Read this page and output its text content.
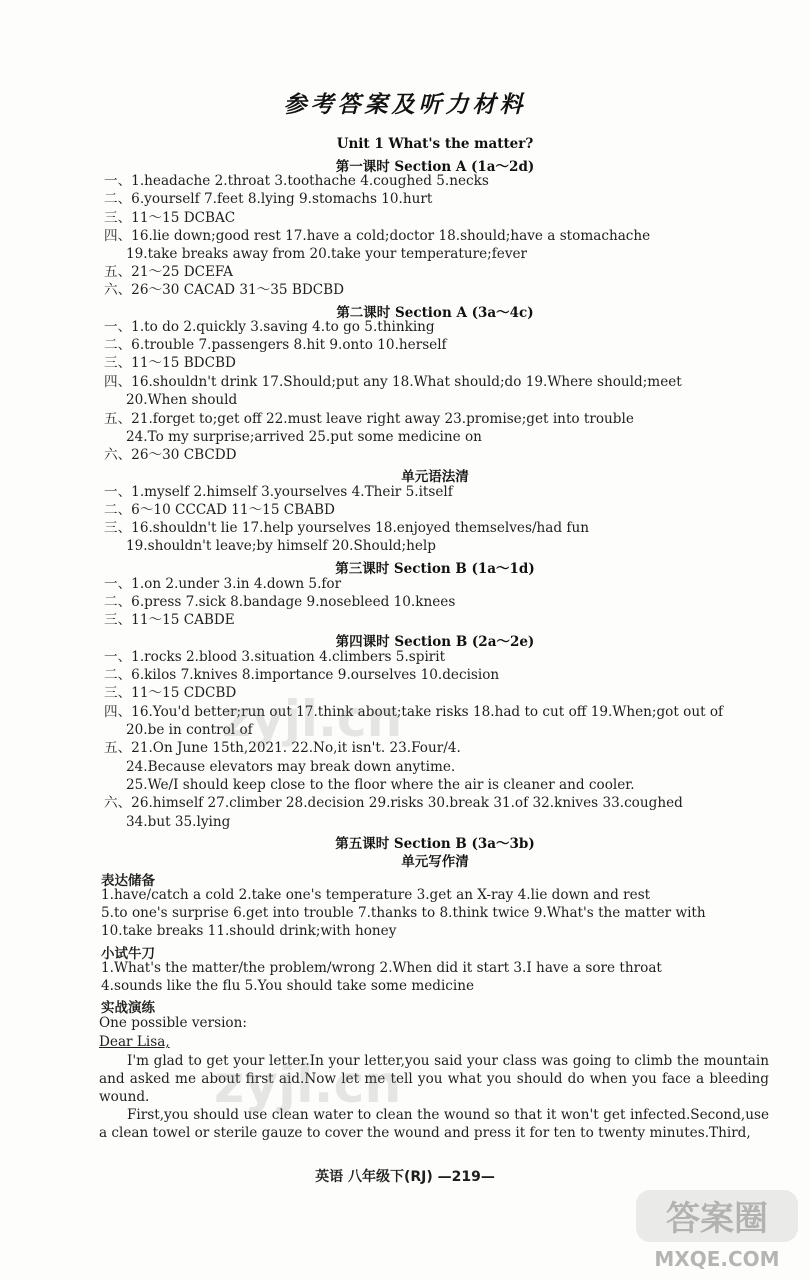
参考答案及听力材料
Unit 1 What's the matter?
第一课时 Section A (1a～2d)
一、1.headache 2.throat 3.toothache 4.coughed 5.necks
二、6.yourself 7.feet 8.lying 9.stomachs 10.hurt
三、11～15 DCBAC
四、16.lie down;good rest 17.have a cold;doctor 18.should;have a stomachache
19.take breaks away from 20.take your temperature;fever
五、21～25 DCEFA
六、26～30 CACAD 31～35 BDCBD
第二课时 Section A (3a～4c)
一、1.to do 2.quickly 3.saving 4.to go 5.thinking
二、6.trouble 7.passengers 8.hit 9.onto 10.herself
三、11～15 BDCBD
四、16.shouldn't drink 17.Should;put any 18.What should;do 19.Where should;meet
20.When should
五、21.forget to;get off 22.must leave right away 23.promise;get into trouble
24.To my surprise;arrived 25.put some medicine on
六、26～30 CBCDD
单元语法清
一、1.myself 2.himself 3.yourselves 4.Their 5.itself
二、6～10 CCCAD 11～15 CBABD
三、16.shouldn't lie 17.help yourselves 18.enjoyed themselves/had fun
19.shouldn't leave;by himself 20.Should;help
第三课时 Section B (1a～1d)
一、1.on 2.under 3.in 4.down 5.for
二、6.press 7.sick 8.bandage 9.nosebleed 10.knees
三、11～15 CABDE
第四课时 Section B (2a～2e)
一、1.rocks 2.blood 3.situation 4.climbers 5.spirit
二、6.kilos 7.knives 8.importance 9.ourselves 10.decision
三、11～15 CDCBD
四、16.You'd better;run out 17.think about;take risks 18.had to cut off 19.When;got out of
20.be in control of
五、21.On June 15th,2021. 22.No,it isn't. 23.Four/4.
24.Because elevators may break down anytime.
25.We/I should keep close to the floor where the air is cleaner and cooler.
六、26.himself 27.climber 28.decision 29.risks 30.break 31.of 32.knives 33.coughed
34.but 35.lying
第五课时 Section B (3a～3b)
单元写作清
表达储备
1.have/catch a cold 2.take one's temperature 3.get an X-ray 4.lie down and rest
5.to one's surprise 6.get into trouble 7.thanks to 8.think twice 9.What's the matter with
10.take breaks 11.should drink;with honey
小试牛刀
1.What's the matter/the problem/wrong 2.When did it start 3.I have a sore throat
4.sounds like the flu 5.You should take some medicine
实战演练
One possible version:
Dear Lisa,
I'm glad to get your letter.In your letter,you said your class was going to climb the mountain and asked me about first aid.Now let me tell you what you should do when you face a bleeding wound.
First,you should use clean water to clean the wound so that it won't get infected.Second,use a clean towel or sterile gauze to cover the wound and press it for ten to twenty minutes.Third,
英语 八年级下(RJ) —219—
zyjl.cn
zyjl.cn
答案圈
MXQE.COM
